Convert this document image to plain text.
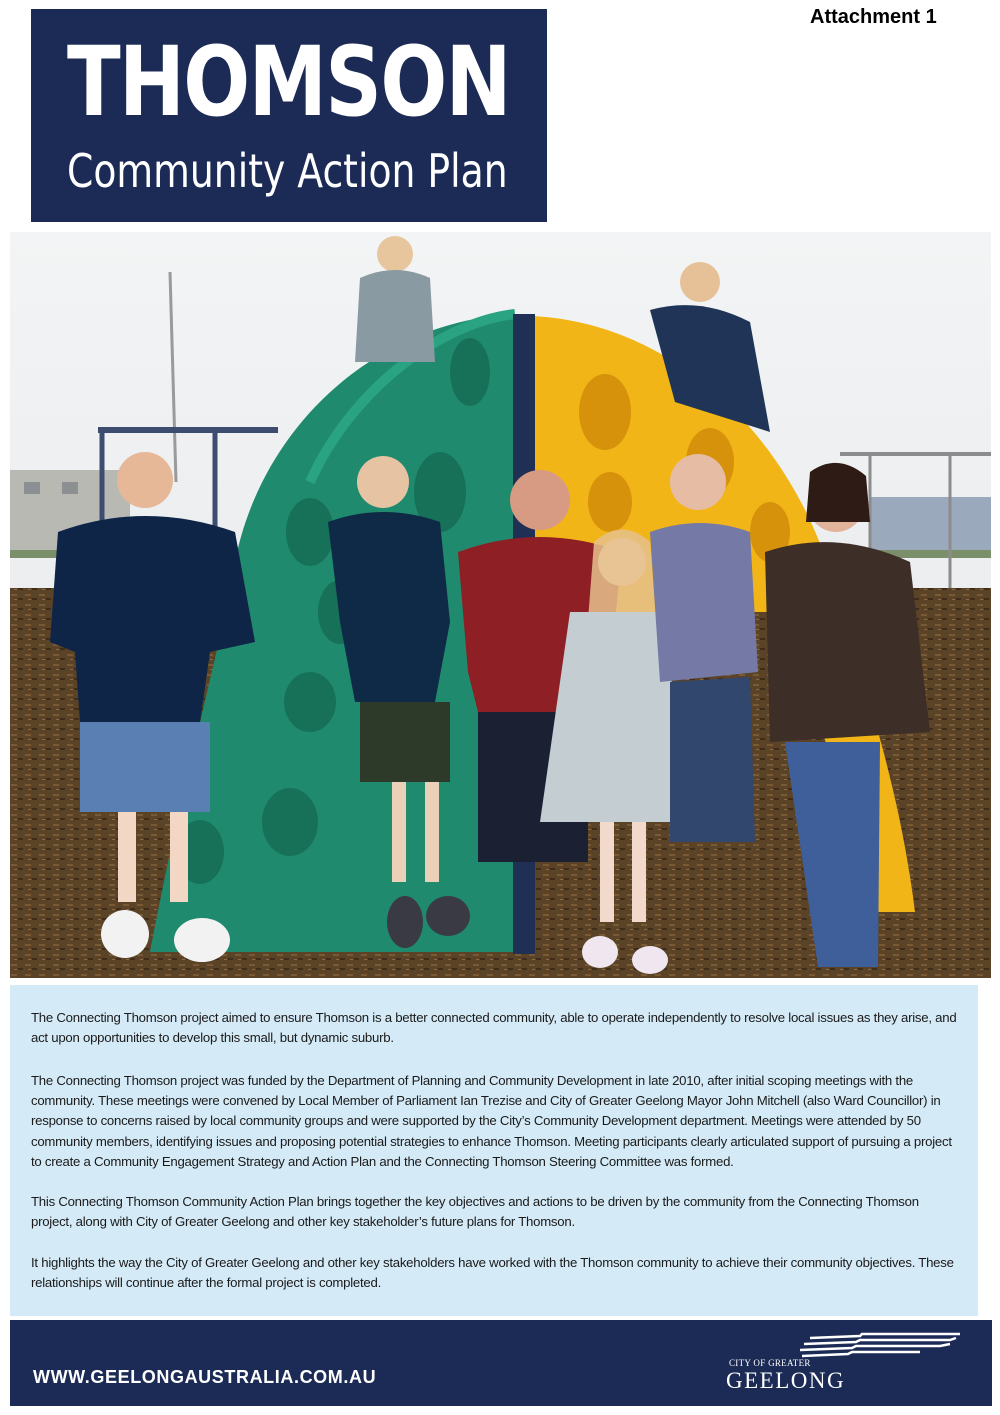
Attachment 1
THOMSON
Community Action Plan

The Connecting Thomson project aimed to ensure Thomson is a better connected community, able to operate independently to resolve local issues as they arise, and act upon opportunities to develop this small, but dynamic suburb.

The Connecting Thomson project was funded by the Department of Planning and Community Development in late 2010, after initial scoping meetings with the community. These meetings were convened by Local Member of Parliament Ian Trezise and City of Greater Geelong Mayor John Mitchell (also Ward Councillor) in response to concerns raised by local community groups and were supported by the City’s Community Development department. Meetings were attended by 50 community members, identifying issues and proposing potential strategies to enhance Thomson. Meeting participants clearly articulated support of pursuing a project to create a Community Engagement Strategy and Action Plan and the Connecting Thomson Steering Committee was formed.

This Connecting Thomson Community Action Plan brings together the key objectives and actions to be driven by the community from the Connecting Thomson project, along with City of Greater Geelong and other key stakeholder’s future plans for Thomson.

It highlights the way the City of Greater Geelong and other key stakeholders have worked with the Thomson community to achieve their community objectives. These relationships will continue after the formal project is completed.

WWW.GEELONGAUSTRALIA.COM.AU
CITY OF GREATER
GEELONG
